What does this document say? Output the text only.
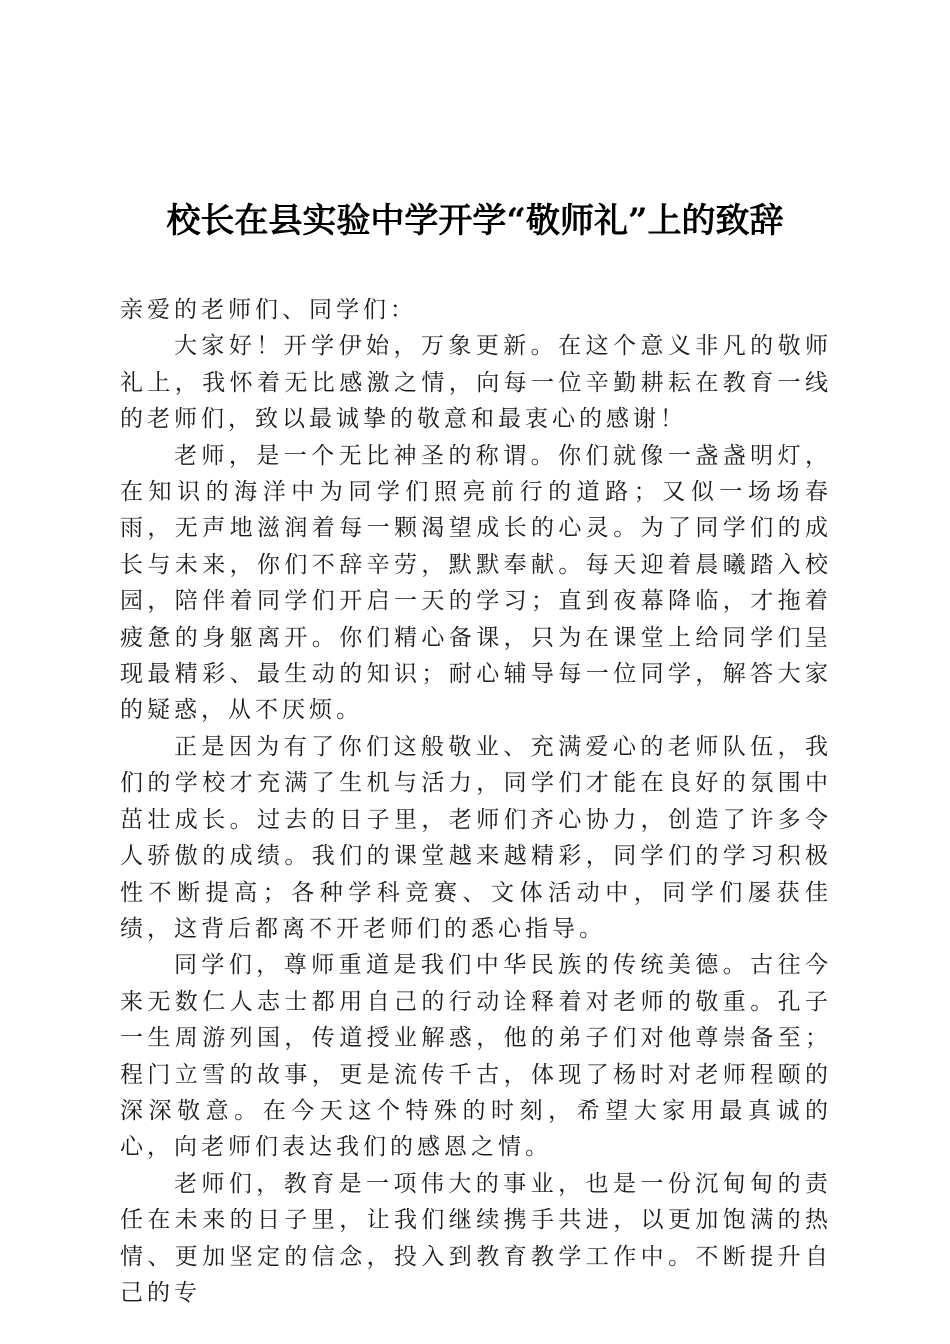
校长在县实验中学开学“敬师礼”上的致辞

亲爱的老师们、同学们：

大家好！开学伊始，万象更新。在这个意义非凡的敬师礼上，我怀着无比感激之情，向每一位辛勤耕耘在教育一线的老师们，致以最诚挚的敬意和最衷心的感谢！

老师，是一个无比神圣的称谓。你们就像一盏盏明灯，在知识的海洋中为同学们照亮前行的道路；又似一场场春雨，无声地滋润着每一颗渴望成长的心灵。为了同学们的成长与未来，你们不辞辛劳，默默奉献。每天迎着晨曦踏入校园，陪伴着同学们开启一天的学习；直到夜幕降临，才拖着疲惫的身躯离开。你们精心备课，只为在课堂上给同学们呈现最精彩、最生动的知识；耐心辅导每一位同学，解答大家的疑惑，从不厌烦。

正是因为有了你们这般敬业、充满爱心的老师队伍，我们的学校才充满了生机与活力，同学们才能在良好的氛围中茁壮成长。过去的日子里，老师们齐心协力，创造了许多令人骄傲的成绩。我们的课堂越来越精彩，同学们的学习积极性不断提高；各种学科竞赛、文体活动中，同学们屡获佳绩，这背后都离不开老师们的悉心指导。

同学们，尊师重道是我们中华民族的传统美德。古往今来无数仁人志士都用自己的行动诠释着对老师的敬重。孔子一生周游列国，传道授业解惑，他的弟子们对他尊崇备至；程门立雪的故事，更是流传千古，体现了杨时对老师程颐的深深敬意。在今天这个特殊的时刻，希望大家用最真诚的心，向老师们表达我们的感恩之情。

老师们，教育是一项伟大的事业，也是一份沉甸甸的责任在未来的日子里，让我们继续携手共进，以更加饱满的热情、更加坚定的信念，投入到教育教学工作中。不断提升自己的专
